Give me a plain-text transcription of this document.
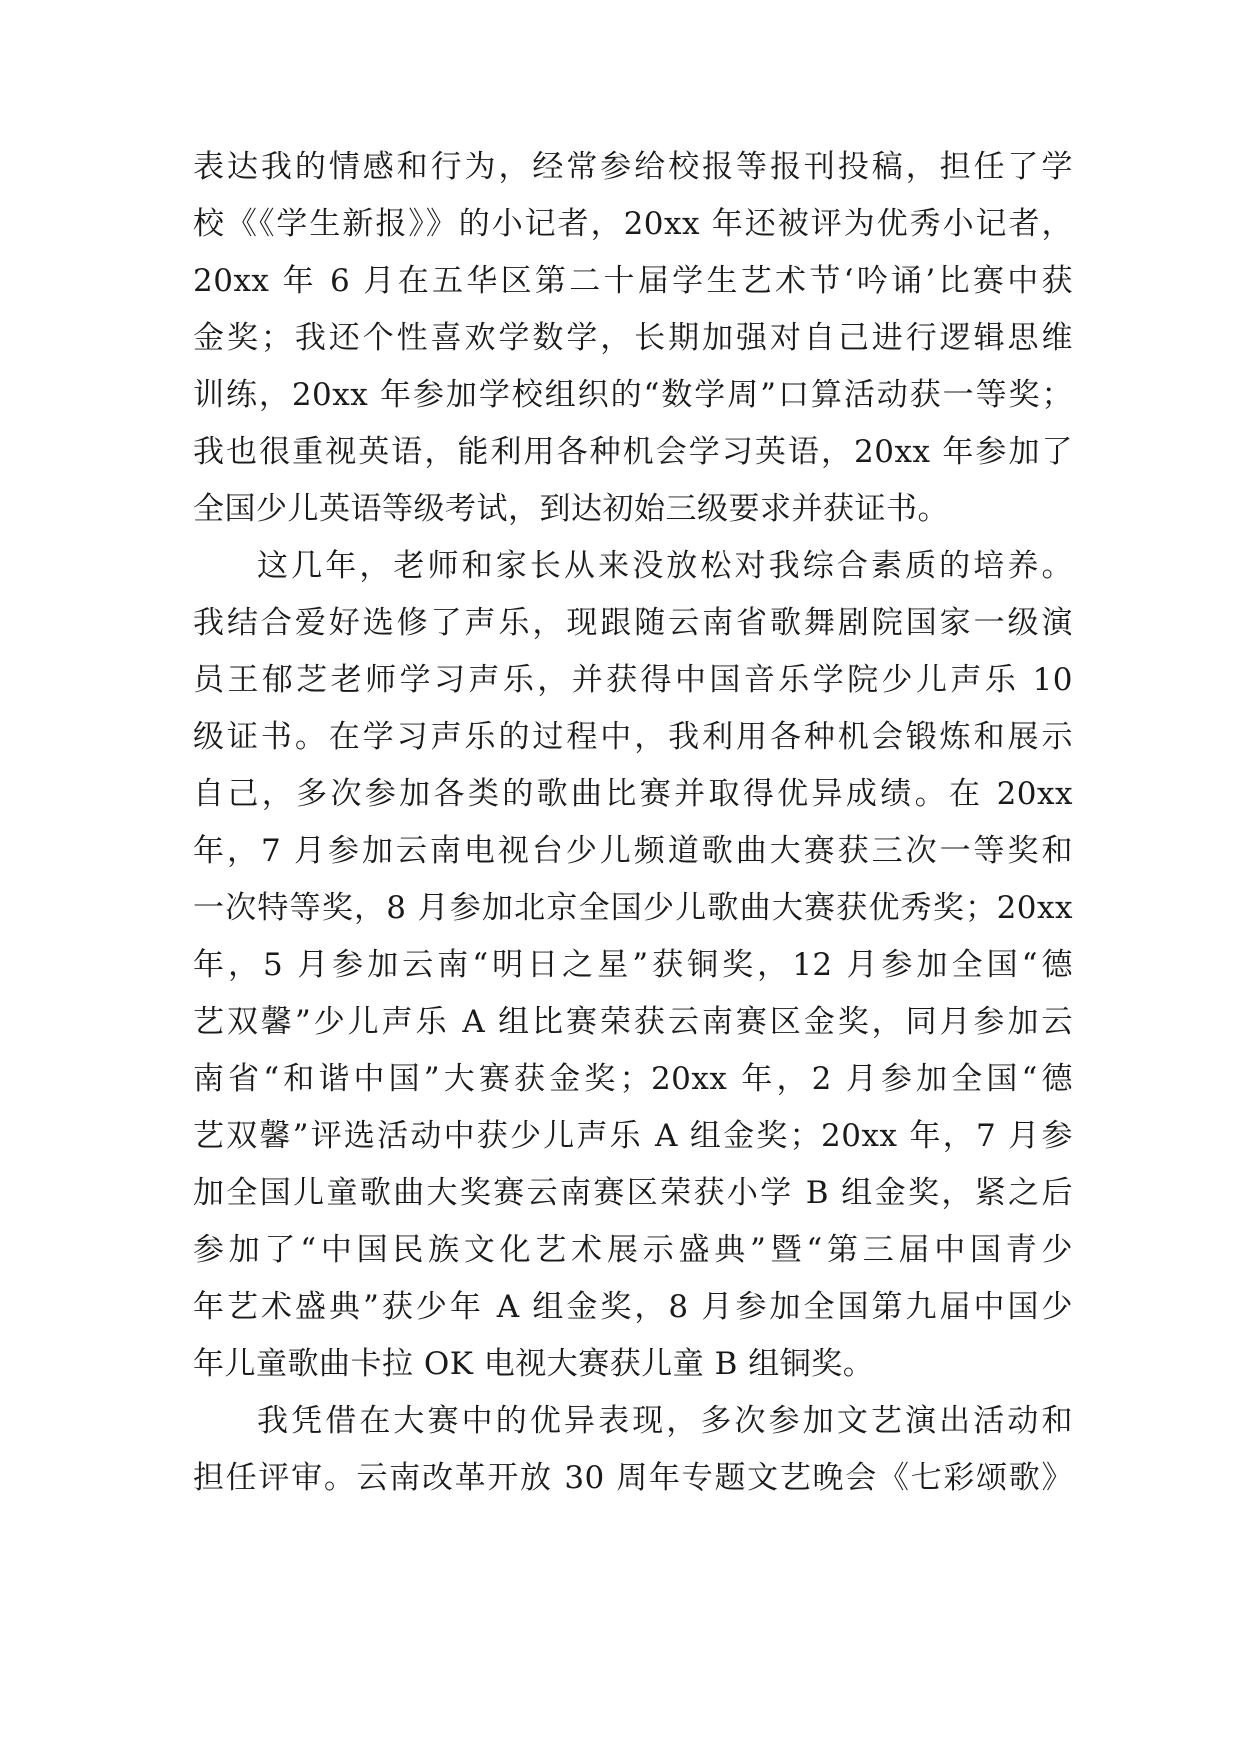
表达我的情感和行为，经常参给校报等报刊投稿，担任了学
校《《学生新报》》的小记者，20xx 年还被评为优秀小记者，
20xx 年 6 月在五华区第二十届学生艺术节‘吟诵’比赛中获
金奖；我还个性喜欢学数学，长期加强对自己进行逻辑思维
训练，20xx 年参加学校组织的“数学周”口算活动获一等奖；
我也很重视英语，能利用各种机会学习英语，20xx 年参加了
全国少儿英语等级考试，到达初始三级要求并获证书。
这几年，老师和家长从来没放松对我综合素质的培养。
我结合爱好选修了声乐，现跟随云南省歌舞剧院国家一级演
员王郁芝老师学习声乐，并获得中国音乐学院少儿声乐 10
级证书。在学习声乐的过程中，我利用各种机会锻炼和展示
自己，多次参加各类的歌曲比赛并取得优异成绩。在 20xx
年，7 月参加云南电视台少儿频道歌曲大赛获三次一等奖和
一次特等奖，8 月参加北京全国少儿歌曲大赛获优秀奖；20xx
年，5 月参加云南“明日之星”获铜奖，12 月参加全国“德
艺双馨”少儿声乐 A 组比赛荣获云南赛区金奖，同月参加云
南省“和谐中国”大赛获金奖；20xx 年，2 月参加全国“德
艺双馨”评选活动中获少儿声乐 A 组金奖；20xx 年，7 月参
加全国儿童歌曲大奖赛云南赛区荣获小学 B 组金奖，紧之后
参加了“中国民族文化艺术展示盛典”暨“第三届中国青少
年艺术盛典”获少年 A 组金奖，8 月参加全国第九届中国少
年儿童歌曲卡拉 OK 电视大赛获儿童 B 组铜奖。
我凭借在大赛中的优异表现，多次参加文艺演出活动和
担任评审。云南改革开放 30 周年专题文艺晚会《七彩颂歌》
